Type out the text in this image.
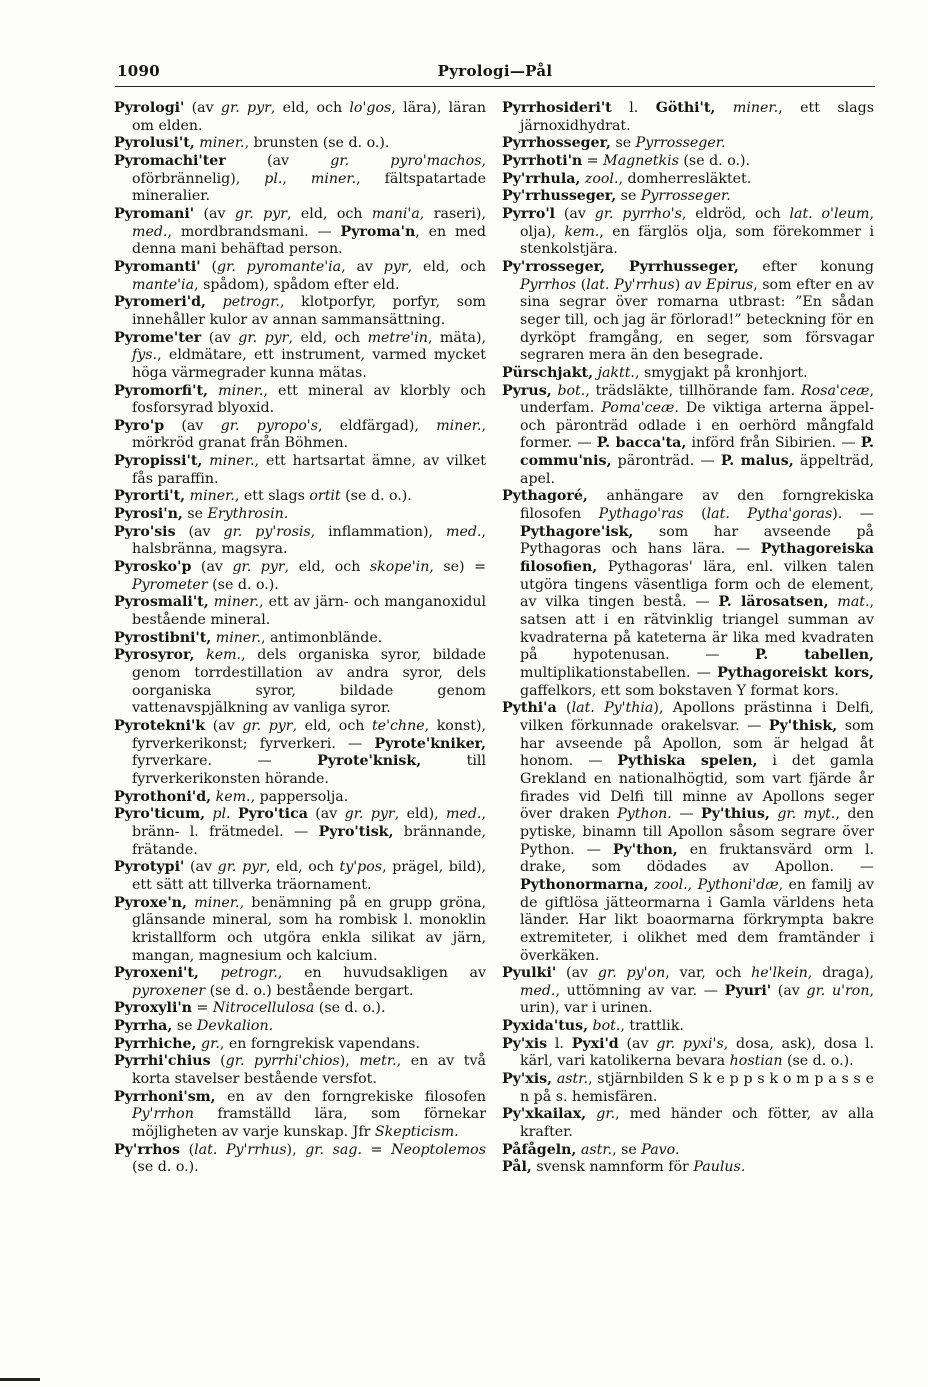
1090	Pyrologi—Pål

Pyrologi' (av gr. pyr, eld, och lo'gos, lära), läran om elden.

Pyrolusi't, miner., brunsten (se d. o.).

Pyromachi'ter (av gr. pyro'machos, oförbrännelig), pl., miner., fältspatartade mineralier.

Pyromani' (av gr. pyr, eld, och mani'a, raseri), med., mordbrandsmani. — Pyroma'n, en med denna mani behäftad person.

Pyromanti' (gr. pyromante'ia, av pyr, eld, och mante'ia, spådom), spådom efter eld.

Pyromeri'd, petrogr., klotporfyr, porfyr, som innehåller kulor av annan sammansättning.

Pyrome'ter (av gr. pyr, eld, och metre'in, mäta), fys., eldmätare, ett instrument, varmed mycket höga värmegrader kunna mätas.

Pyromorfi't, miner., ett mineral av klorbly och fosforsyrad blyoxid.

Pyro'p (av gr. pyropo's, eldfärgad), miner., mörkröd granat från Böhmen.

Pyropissi't, miner., ett hartsartat ämne, av vilket fås paraffin.

Pyrorti't, miner., ett slags ortit (se d. o.).

Pyrosi'n, se Erythrosin.

Pyro'sis (av gr. py'rosis, inflammation), med., halsbränna, magsyra.

Pyrosko'p (av gr. pyr, eld, och skope'in, se) = Pyrometer (se d. o.).

Pyrosmali't, miner., ett av järn- och manganoxidul bestående mineral.

Pyrostibni't, miner., antimonblände.

Pyrosyror, kem., dels organiska syror, bildade genom torrdestillation av andra syror, dels oorganiska syror, bildade genom vattenavspjälkning av vanliga syror.

Pyrotekni'k (av gr. pyr, eld, och te'chne, konst), fyrverkerikonst; fyrverkeri. — Pyrote'kniker, fyrverkare. — Pyrote'knisk, till fyrverkerikonsten hörande.

Pyrothoni'd, kem., pappersolja.

Pyro'ticum, pl. Pyro'tica (av gr. pyr, eld), med., bränn- l. frätmedel. — Pyro'tisk, brännande, frätande.

Pyrotypi' (av gr. pyr, eld, och ty'pos, prägel, bild), ett sätt att tillverka träornament.

Pyroxe'n, miner., benämning på en grupp gröna, glänsande mineral, som ha rombisk l. monoklin kristallform och utgöra enkla silikat av järn, mangan, magnesium och kalcium.

Pyroxeni't, petrogr., en huvudsakligen av pyroxener (se d. o.) bestående bergart.

Pyroxyli'n = Nitrocellulosa (se d. o.).

Pyrrha, se Devkalion.

Pyrrhiche, gr., en forngrekisk vapendans.

Pyrrhi'chius (gr. pyrrhi'chios), metr., en av två korta stavelser bestående versfot.

Pyrrhoni'sm, en av den forngrekiske filosofen Py'rrhon framställd lära, som förnekar möjligheten av varje kunskap. Jfr Skepticism.

Py'rrhos (lat. Py'rrhus), gr. sag. = Neoptolemos (se d. o.).

Pyrrhosideri't l. Göthi't, miner., ett slags järnoxidhydrat.

Pyrrhosseger, se Pyrrosseger.

Pyrrhoti'n = Magnetkis (se d. o.).

Py'rrhula, zool., domherresläktet.

Py'rrhusseger, se Pyrrosseger.

Pyrro'l (av gr. pyrrho's, eldröd, och lat. o'leum, olja), kem., en färglös olja, som förekommer i stenkolstjära.

Py'rrosseger, Pyrrhusseger, efter konung Pyrrhos (lat. Py'rrhus) av Epirus, som efter en av sina segrar över romarna utbrast: ”En sådan seger till, och jag är förlorad!” beteckning för en dyrköpt framgång, en seger, som försvagar segraren mera än den besegrade.

Pürschjakt, jaktt., smygjakt på kronhjort.

Pyrus, bot., trädsläkte, tillhörande fam. Rosa'ceæ, underfam. Poma'ceæ. De viktiga arterna äppel- och päronträd odlade i en oerhörd mångfald former. — P. bacca'ta, införd från Sibirien. — P. commu'nis, päronträd. — P. malus, äppelträd, apel.

Pythagoré, anhängare av den forngrekiska filosofen Pythago'ras (lat. Pytha'goras). — Pythagore'isk, som har avseende på Pythagoras och hans lära. — Pythagoreiska filosofien, Pythagoras' lära, enl. vilken talen utgöra tingens väsentliga form och de element, av vilka tingen bestå. — P. lärosatsen, mat., satsen att i en rätvinklig triangel summan av kvadraterna på kateterna är lika med kvadraten på hypotenusan. — P. tabellen, multiplikationstabellen. — Pythagoreiskt kors, gaffelkors, ett som bokstaven Y format kors.

Pythi'a (lat. Py'thia), Apollons prästinna i Delfi, vilken förkunnade orakelsvar. — Py'thisk, som har avseende på Apollon, som är helgad åt honom. — Pythiska spelen, i det gamla Grekland en nationalhögtid, som vart fjärde år firades vid Delfi till minne av Apollons seger över draken Python. — Py'thius, gr. myt., den pytiske, binamn till Apollon såsom segrare över Python. — Py'thon, en fruktansvärd orm l. drake, som dödades av Apollon. — Pythonormarna, zool., Pythoni'dæ, en familj av de giftlösa jätteormarna i Gamla världens heta länder. Har likt boaormarna förkrympta bakre extremiteter, i olikhet med dem framtänder i överkäken.

Pyulki' (av gr. py'on, var, och he'lkein, draga), med., uttömning av var. — Pyuri' (av gr. u'ron, urin), var i urinen.

Pyxida'tus, bot., trattlik.

Py'xis l. Pyxi'd (av gr. pyxi's, dosa, ask), dosa l. kärl, vari katolikerna bevara hostian (se d. o.).

Py'xis, astr., stjärnbilden S k e p p s k o m p a s s e n på s. hemisfären.

Py'xkailax, gr., med händer och fötter, av alla krafter.

Påfågeln, astr., se Pavo.

Pål, svensk namnform för Paulus.
